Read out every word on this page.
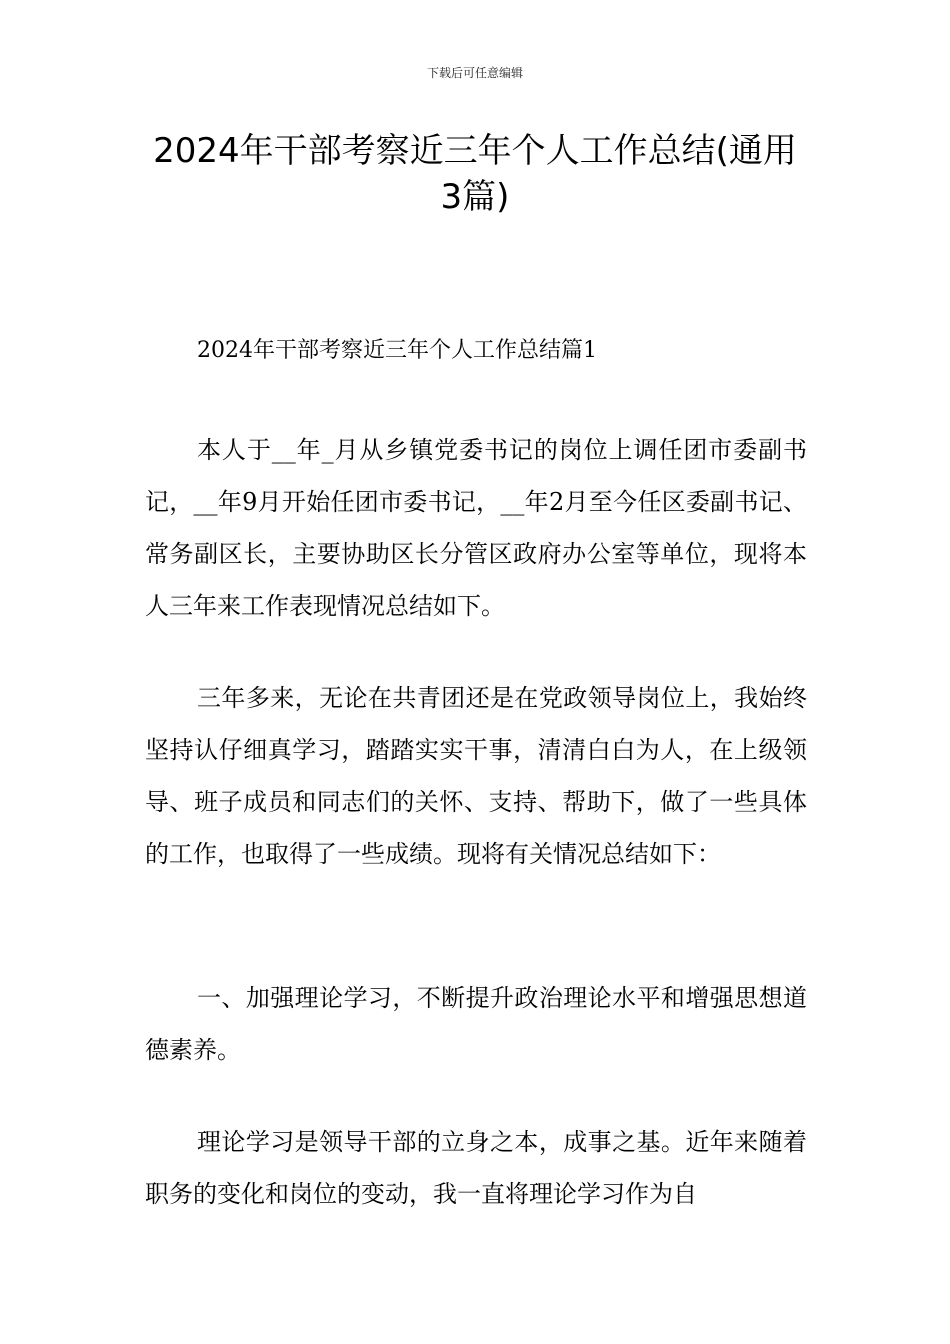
下载后可任意编辑
2024年干部考察近三年个人工作总结(通用
3篇)
2024年干部考察近三年个人工作总结篇1

本人于__年_月从乡镇党委书记的岗位上调任团市委副书记，__年9月开始任团市委书记，__年2月至今任区委副书记、常务副区长，主要协助区长分管区政府办公室等单位，现将本人三年来工作表现情况总结如下。

三年多来，无论在共青团还是在党政领导岗位上，我始终坚持认仔细真学习，踏踏实实干事，清清白白为人，在上级领导、班子成员和同志们的关怀、支持、帮助下，做了一些具体的工作，也取得了一些成绩。现将有关情况总结如下：

一、加强理论学习，不断提升政治理论水平和增强思想道德素养。

理论学习是领导干部的立身之本，成事之基。近年来随着职务的变化和岗位的变动，我一直将理论学习作为自
